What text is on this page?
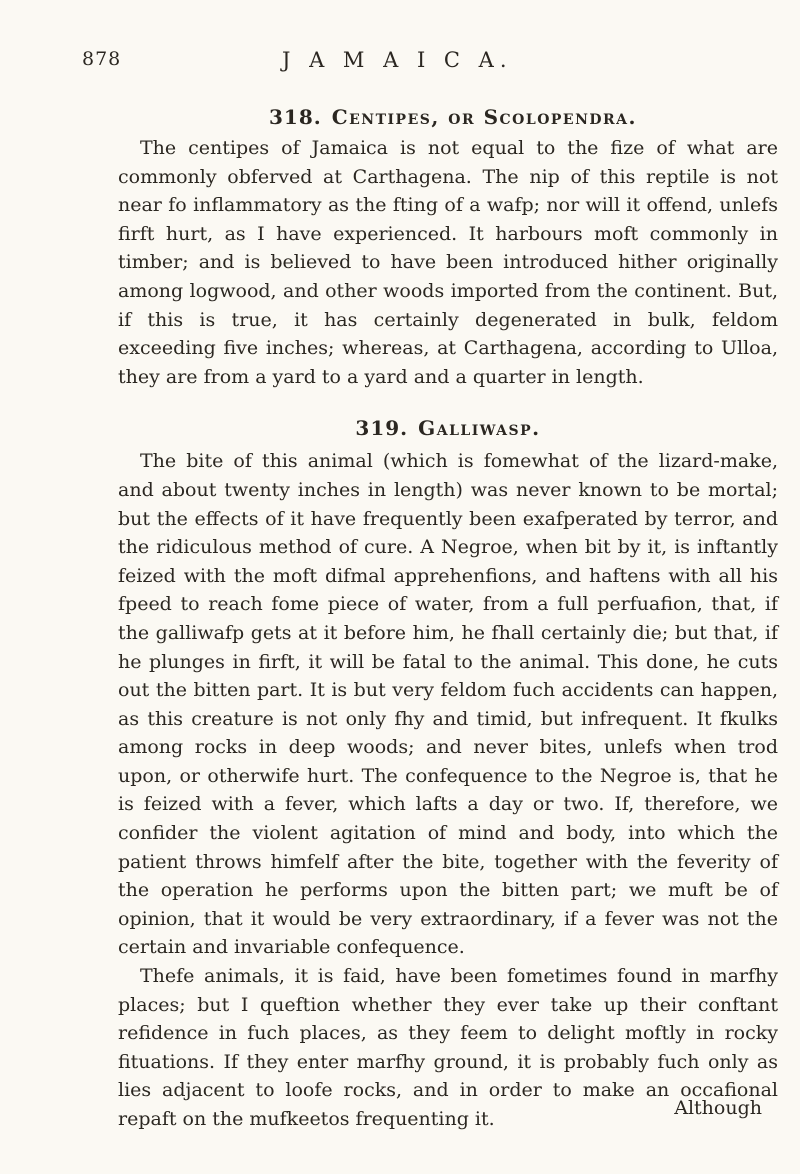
878	J A M A I C A.
318. Centipes, or Scolopendra.

The centipes of Jamaica is not equal to the fize of what are commonly obferved at Carthagena. The nip of this reptile is not near fo inflammatory as the fting of a wafp; nor will it offend, unlefs firft hurt, as I have experienced. It harbours moft commonly in timber; and is believed to have been introduced hither originally among logwood, and other woods imported from the continent. But, if this is true, it has certainly degenerated in bulk, feldom exceeding five inches; whereas, at Carthagena, according to Ulloa, they are from a yard to a yard and a quarter in length.

319. Galliwasp.

The bite of this animal (which is fomewhat of the lizard-make, and about twenty inches in length) was never known to be mortal; but the effects of it have frequently been exafperated by terror, and the ridiculous method of cure. A Negroe, when bit by it, is inftantly feized with the moft difmal apprehenfions, and haftens with all his fpeed to reach fome piece of water, from a full perfuafion, that, if the galliwafp gets at it before him, he fhall certainly die; but that, if he plunges in firft, it will be fatal to the animal. This done, he cuts out the bitten part. It is but very feldom fuch accidents can happen, as this creature is not only fhy and timid, but infrequent. It fkulks among rocks in deep woods; and never bites, unlefs when trod upon, or otherwife hurt. The confequence to the Negroe is, that he is feized with a fever, which lafts a day or two. If, therefore, we confider the violent agitation of mind and body, into which the patient throws himfelf after the bite, together with the feverity of the operation he performs upon the bitten part; we muft be of opinion, that it would be very extraordinary, if a fever was not the certain and invariable confequence.

Thefe animals, it is faid, have been fometimes found in marfhy places; but I queftion whether they ever take up their conftant refidence in fuch places, as they feem to delight moftly in rocky fituations. If they enter marfhy ground, it is probably fuch only as lies adjacent to loofe rocks, and in order to make an occafional repaft on the mufkeetos frequenting it.	Although
